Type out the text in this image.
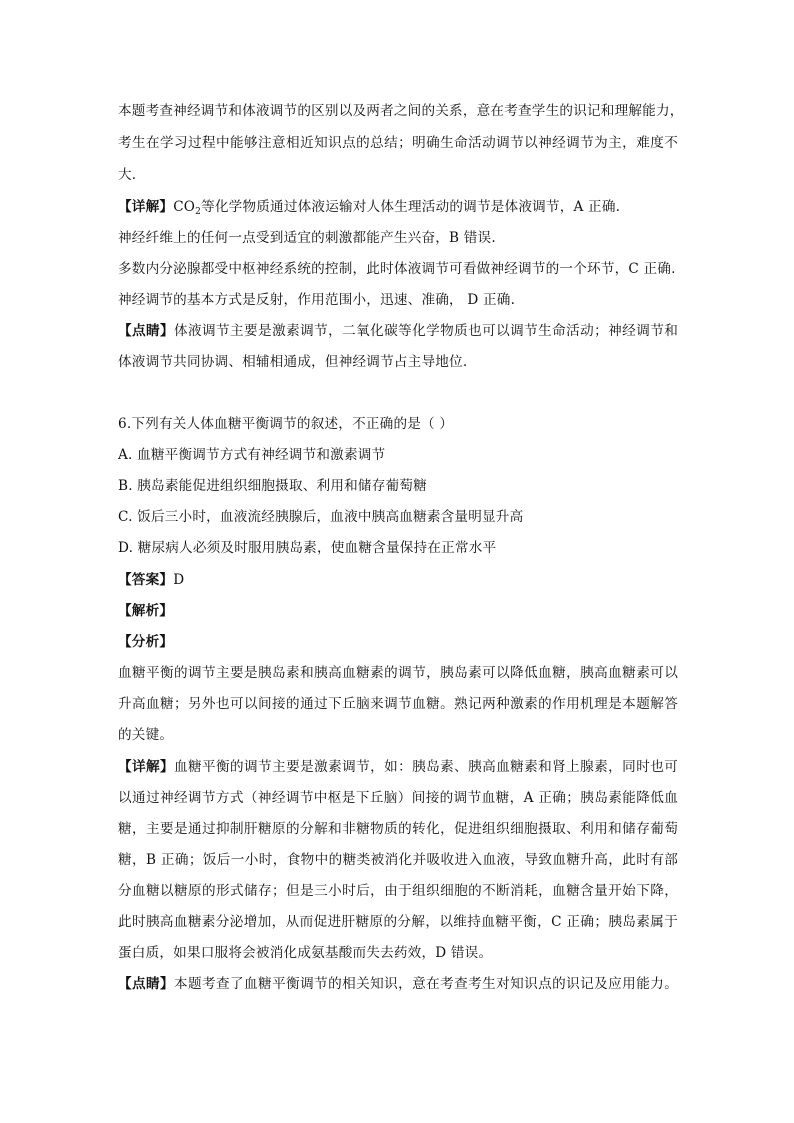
本题考查神经调节和体液调节的区别以及两者之间的关系，意在考查学生的识记和理解能力，
考生在学习过程中能够注意相近知识点的总结；明确生命活动调节以神经调节为主，难度不
大.
【详解】$CO_2$等化学物质通过体液运输对人体生理活动的调节是体液调节，A 正确.
神经纤维上的任何一点受到适宜的刺激都能产生兴奋，B 错误.
多数内分泌腺都受中枢神经系统的控制，此时体液调节可看做神经调节的一个环节，C 正确.
神经调节的基本方式是反射，作用范围小，迅速、准确， D 正确.
【点睛】体液调节主要是激素调节，二氧化碳等化学物质也可以调节生命活动；神经调节和
体液调节共同协调、相辅相通成，但神经调节占主导地位.
6.下列有关人体血糖平衡调节的叙述，不正确的是（ ）
A. 血糖平衡调节方式有神经调节和激素调节
B. 胰岛素能促进组织细胞摄取、利用和储存葡萄糖
C. 饭后三小时，血液流经胰腺后，血液中胰高血糖素含量明显升高
D. 糖尿病人必须及时服用胰岛素，使血糖含量保持在正常水平
【答案】D
【解析】
【分析】
血糖平衡的调节主要是胰岛素和胰高血糖素的调节，胰岛素可以降低血糖，胰高血糖素可以
升高血糖；另外也可以间接的通过下丘脑来调节血糖。熟记两种激素的作用机理是本题解答
的关键。
【详解】血糖平衡的调节主要是激素调节，如：胰岛素、胰高血糖素和肾上腺素，同时也可
以通过神经调节方式（神经调节中枢是下丘脑）间接的调节血糖，A 正确；胰岛素能降低血
糖，主要是通过抑制肝糖原的分解和非糖物质的转化，促进组织细胞摄取、利用和储存葡萄
糖，B 正确；饭后一小时，食物中的糖类被消化并吸收进入血液，导致血糖升高，此时有部
分血糖以糖原的形式储存；但是三小时后，由于组织细胞的不断消耗，血糖含量开始下降，
此时胰高血糖素分泌增加，从而促进肝糖原的分解，以维持血糖平衡，C 正确；胰岛素属于
蛋白质，如果口服将会被消化成氨基酸而失去药效，D 错误。
【点睛】本题考查了血糖平衡调节的相关知识，意在考查考生对知识点的识记及应用能力。
